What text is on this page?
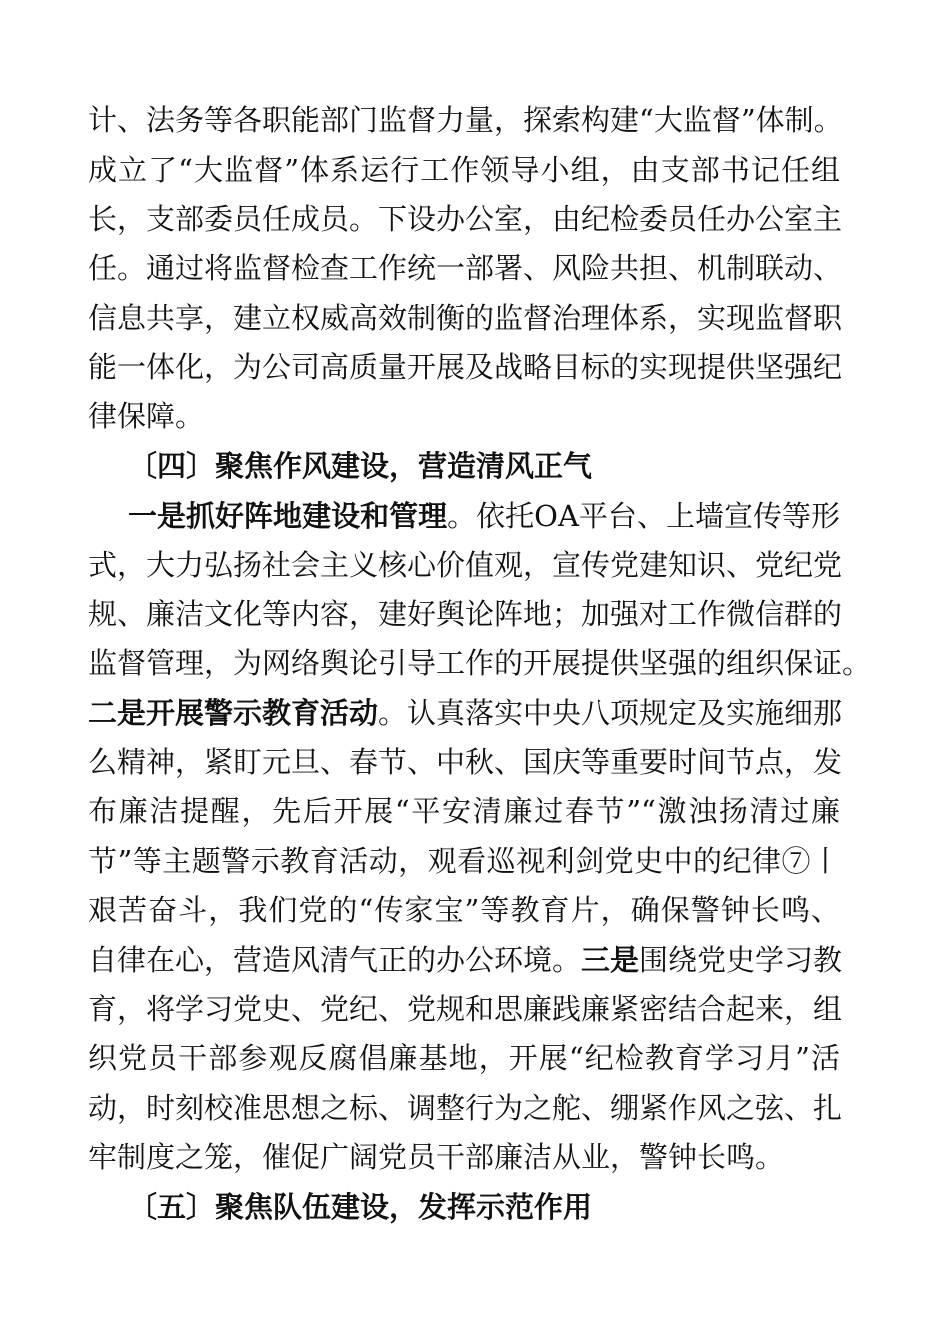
计、法务等各职能部门监督力量，探索构建“大监督”体制。
成立了“大监督”体系运行工作领导小组，由支部书记任组
长，支部委员任成员。下设办公室，由纪检委员任办公室主
任。通过将监督检查工作统一部署、风险共担、机制联动、
信息共享，建立权威高效制衡的监督治理体系，实现监督职
能一体化，为公司高质量开展及战略目标的实现提供坚强纪
律保障。
〔四〕聚焦作风建设，营造清风正气
一是抓好阵地建设和管理。依托OA平台、上墙宣传等形
式，大力弘扬社会主义核心价值观，宣传党建知识、党纪党
规、廉洁文化等内容，建好舆论阵地；加强对工作微信群的
监督管理，为网络舆论引导工作的开展提供坚强的组织保证。
二是开展警示教育活动。认真落实中央八项规定及实施细那
么精神，紧盯元旦、春节、中秋、国庆等重要时间节点，发
布廉洁提醒，先后开展“平安清廉过春节”“激浊扬清过廉
节”等主题警示教育活动，观看巡视利剑党史中的纪律⑦丨
艰苦奋斗，我们党的“传家宝”等教育片，确保警钟长鸣、
自律在心，营造风清气正的办公环境。三是围绕党史学习教
育，将学习党史、党纪、党规和思廉践廉紧密结合起来，组
织党员干部参观反腐倡廉基地，开展“纪检教育学习月”活
动，时刻校准思想之标、调整行为之舵、绷紧作风之弦、扎
牢制度之笼，催促广阔党员干部廉洁从业，警钟长鸣。
〔五〕聚焦队伍建设，发挥示范作用
